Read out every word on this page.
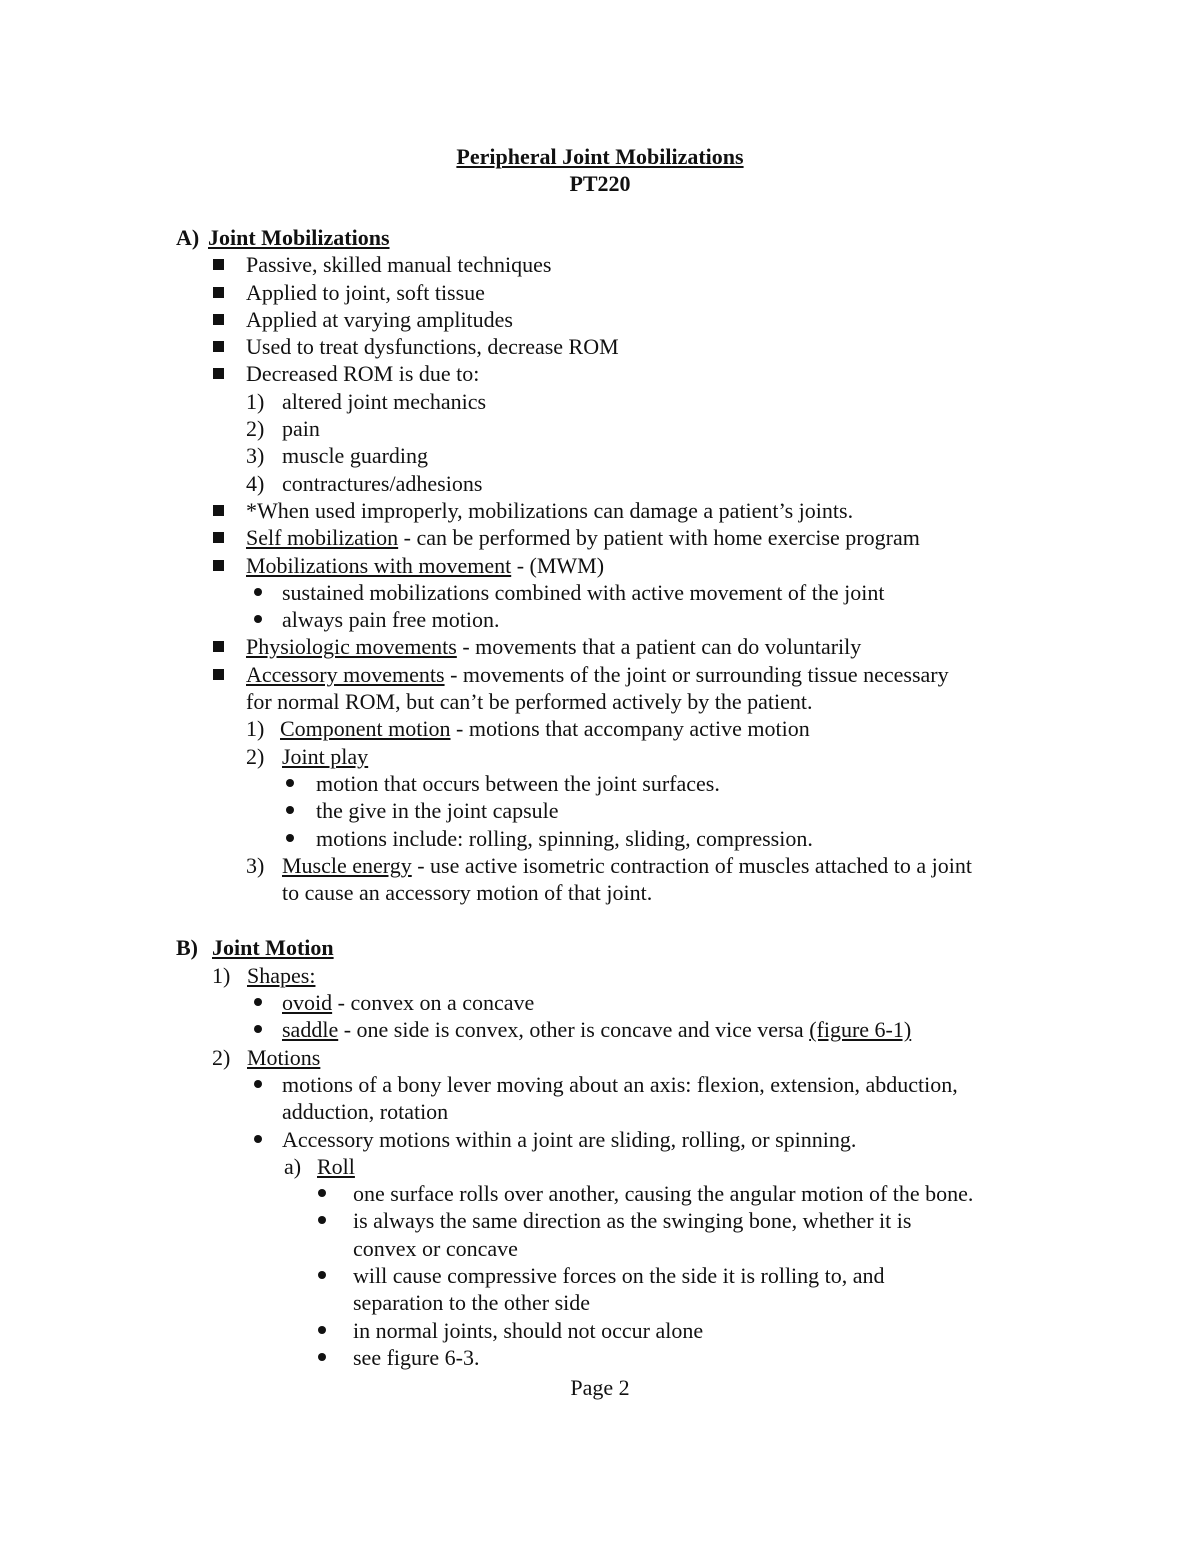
Peripheral Joint Mobilizations
PT220
A) Joint Mobilizations
Passive, skilled manual techniques
Applied to joint, soft tissue
Applied at varying amplitudes
Used to treat dysfunctions, decrease ROM
Decreased ROM is due to:
1) altered joint mechanics
2) pain
3) muscle guarding
4) contractures/adhesions
*When used improperly, mobilizations can damage a patient’s joints.
Self mobilization - can be performed by patient with home exercise program
Mobilizations with movement - (MWM)
sustained mobilizations combined with active movement of the joint
always pain free motion.
Physiologic movements - movements that a patient can do voluntarily
Accessory movements - movements of the joint or surrounding tissue necessary
for normal ROM, but can’t be performed actively by the patient.
1) Component motion - motions that accompany active motion
2) Joint play
motion that occurs between the joint surfaces.
the give in the joint capsule
motions include: rolling, spinning, sliding, compression.
3) Muscle energy - use active isometric contraction of muscles attached to a joint
to cause an accessory motion of that joint.
B) Joint Motion
1) Shapes:
ovoid - convex on a concave
saddle - one side is convex, other is concave and vice versa (figure 6-1)
2) Motions
motions of a bony lever moving about an axis: flexion, extension, abduction,
adduction, rotation
Accessory motions within a joint are sliding, rolling, or spinning.
a) Roll
one surface rolls over another, causing the angular motion of the bone.
is always the same direction as the swinging bone, whether it is
convex or concave
will cause compressive forces on the side it is rolling to, and
separation to the other side
in normal joints, should not occur alone
see figure 6-3.
Page 2
